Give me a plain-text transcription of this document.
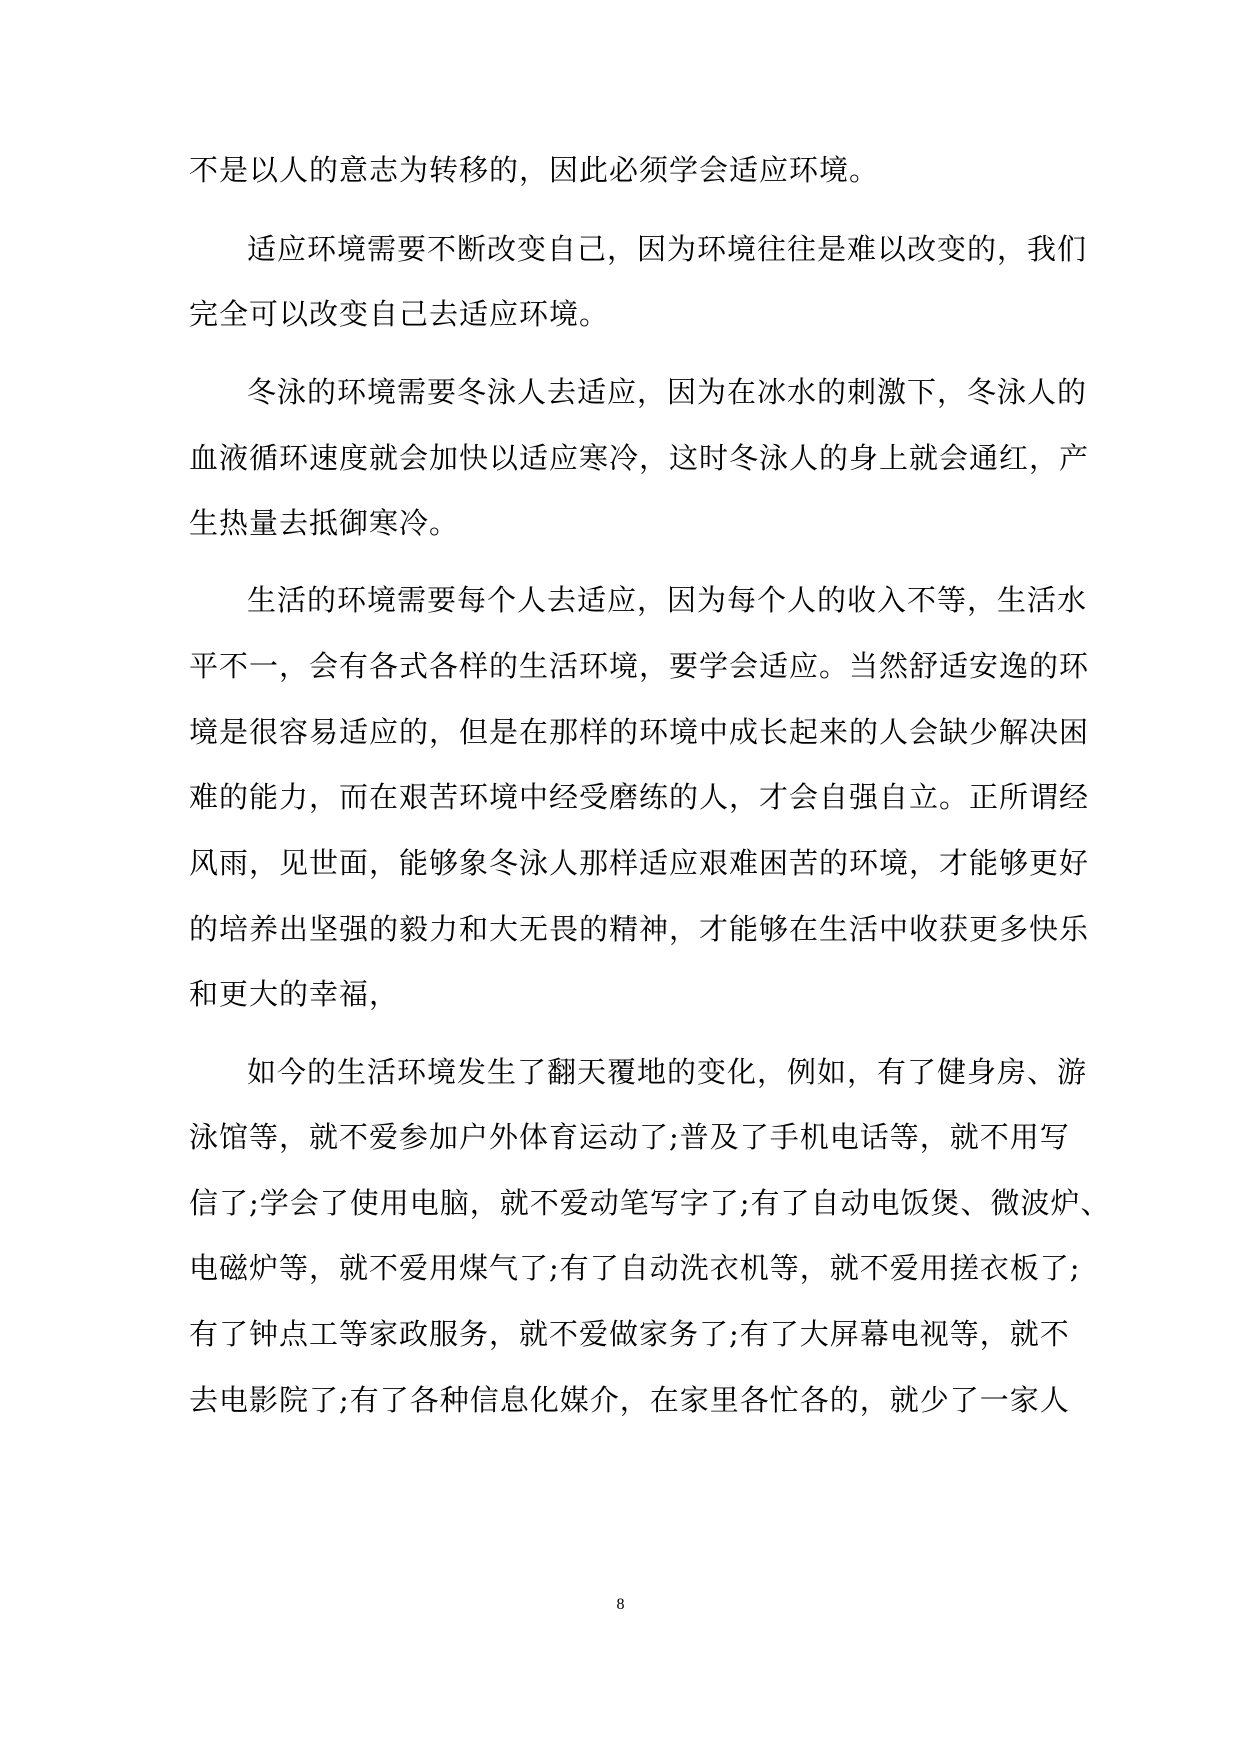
不是以人的意志为转移的，因此必须学会适应环境。
适应环境需要不断改变自己，因为环境往往是难以改变的，我们
完全可以改变自己去适应环境。
冬泳的环境需要冬泳人去适应，因为在冰水的刺激下，冬泳人的
血液循环速度就会加快以适应寒冷，这时冬泳人的身上就会通红，产
生热量去抵御寒冷。
生活的环境需要每个人去适应，因为每个人的收入不等，生活水
平不一，会有各式各样的生活环境，要学会适应。当然舒适安逸的环
境是很容易适应的，但是在那样的环境中成长起来的人会缺少解决困
难的能力，而在艰苦环境中经受磨练的人，才会自强自立。正所谓经
风雨，见世面，能够象冬泳人那样适应艰难困苦的环境，才能够更好
的培养出坚强的毅力和大无畏的精神，才能够在生活中收获更多快乐
和更大的幸福，
如今的生活环境发生了翻天覆地的变化，例如，有了健身房、游
泳馆等，就不爱参加户外体育运动了;普及了手机电话等，就不用写
信了;学会了使用电脑，就不爱动笔写字了;有了自动电饭煲、微波炉、
电磁炉等，就不爱用煤气了;有了自动洗衣机等，就不爱用搓衣板了;
有了钟点工等家政服务，就不爱做家务了;有了大屏幕电视等，就不
去电影院了;有了各种信息化媒介，在家里各忙各的，就少了一家人
8
